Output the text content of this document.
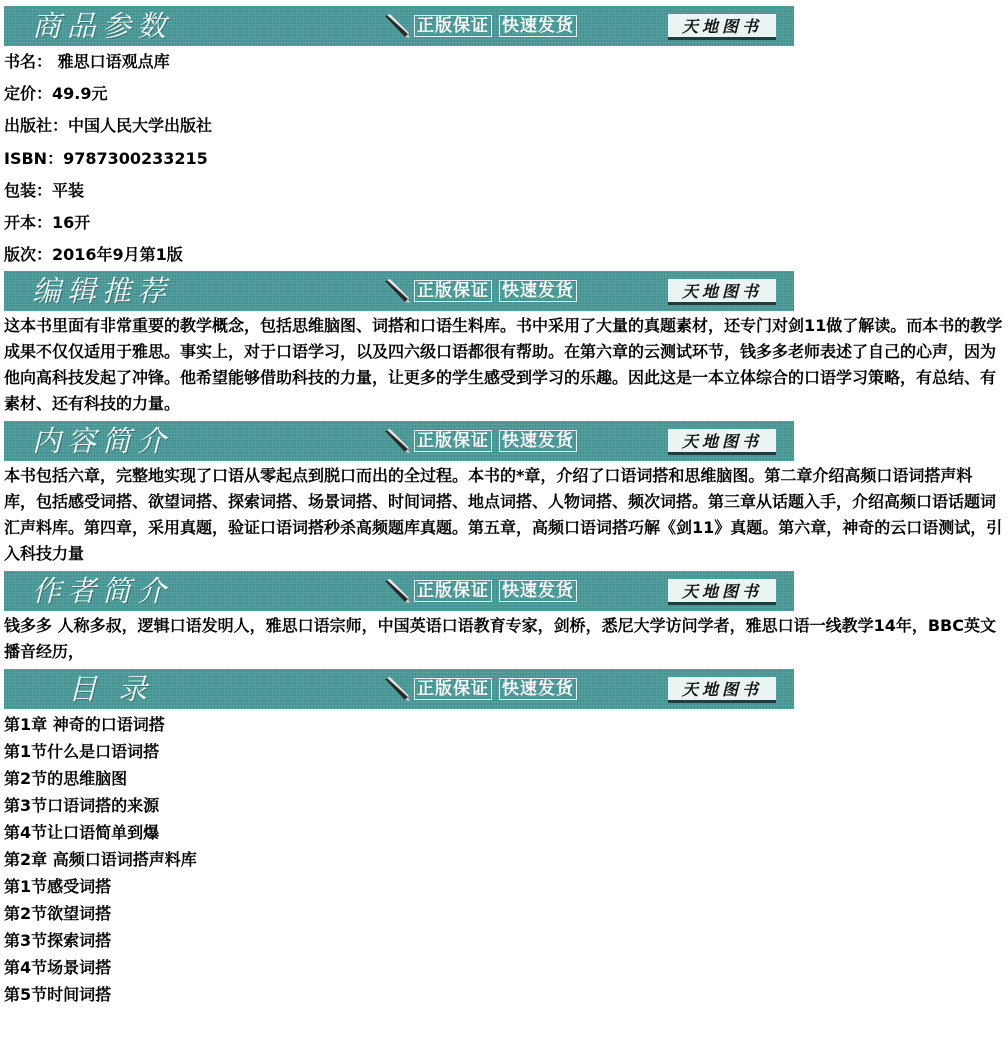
商品参数	正版保证 快速发货	天地图书
书名： 雅思口语观点库
定价：49.9元
出版社：中国人民大学出版社
ISBN：9787300233215
包装：平装
开本：16开
版次：2016年9月第1版
编辑推荐	正版保证 快速发货	天地图书

这本书里面有非常重要的教学概念，包括思维脑图、词搭和口语生料库。书中采用了大量的真题素材，还专门对剑11做了解读。而本书的教学成果不仅仅适用于雅思。事实上，对于口语学习，以及四六级口语都很有帮助。在第六章的云测试环节，钱多多老师表述了自己的心声，因为他向高科技发起了冲锋。他希望能够借助科技的力量，让更多的学生感受到学习的乐趣。因此这是一本立体综合的口语学习策略，有总结、有素材、还有科技的力量。

内容简介	正版保证 快速发货	天地图书

本书包括六章，完整地实现了口语从零起点到脱口而出的全过程。本书的*章，介绍了口语词搭和思维脑图。第二章介绍高频口语词搭声料库，包括感受词搭、欲望词搭、探索词搭、场景词搭、时间词搭、地点词搭、人物词搭、频次词搭。第三章从话题入手，介绍高频口语话题词汇声料库。第四章，采用真题，验证口语词搭秒杀高频题库真题。第五章，高频口语词搭巧解《剑11》真题。第六章，神奇的云口语测试，引入科技力量

作者简介	正版保证 快速发货	天地图书

钱多多 人称多叔，逻辑口语发明人，雅思口语宗师，中国英语口语教育专家，剑桥，悉尼大学访问学者，雅思口语一线教学14年，BBC英文播音经历，

目 录	正版保证 快速发货	天地图书
第1章 神奇的口语词搭
第1节什么是口语词搭
第2节的思维脑图
第3节口语词搭的来源
第4节让口语简单到爆
第2章 高频口语词搭声料库
第1节感受词搭
第2节欲望词搭
第3节探索词搭
第4节场景词搭
第5节时间词搭
